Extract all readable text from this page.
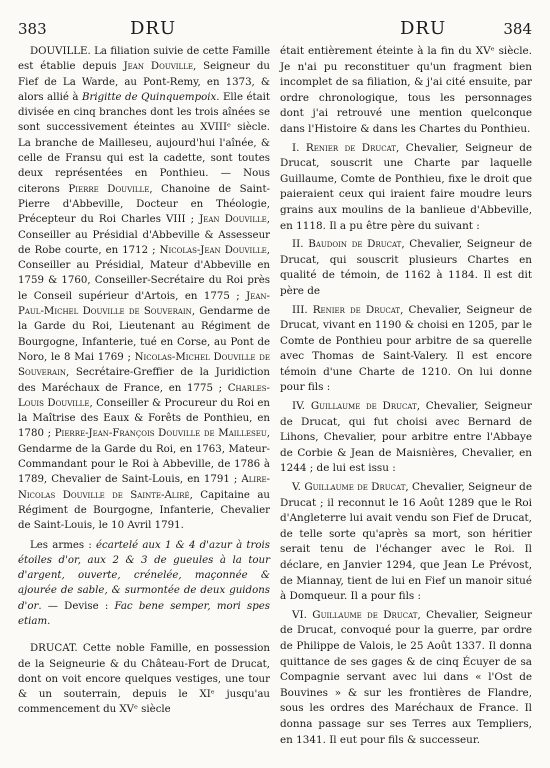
383	DRU	DRU	384

DOUVILLE. La filiation suivie de cette Famille est établie depuis Jean Douville, Seigneur du Fief de La Warde, au Pont-Remy, en 1373, & alors allié à Brigitte de Quinquempoix. Elle était divisée en cinq branches dont les trois aînées se sont successivement éteintes au XVIIIᵉ siècle. La branche de Mailleseu, aujourd'hui l'aînée, & celle de Fransu qui est la cadette, sont toutes deux représentées en Ponthieu. — Nous citerons Pierre Douville, Chanoine de Saint-Pierre d'Abbeville, Docteur en Théologie, Précepteur du Roi Charles VIII ; Jean Douville, Conseiller au Présidial d'Abbeville & Assesseur de Robe courte, en 1712 ; Nicolas-Jean Douville, Conseiller au Présidial, Mateur d'Abbeville en 1759 & 1760, Conseiller-Secrétaire du Roi près le Conseil supérieur d'Artois, en 1775 ; Jean-Paul-Michel Douville de Souverain, Gendarme de la Garde du Roi, Lieutenant au Régiment de Bourgogne, Infanterie, tué en Corse, au Pont de Noro, le 8 Mai 1769 ; Nicolas-Michel Douville de Souverain, Secrétaire-Greffier de la Juridiction des Maréchaux de France, en 1775 ; Charles-Louis Douville, Conseiller & Procureur du Roi en la Maîtrise des Eaux & Forêts de Ponthieu, en 1780 ; Pierre-Jean-François Douville de Mailleseu, Gendarme de la Garde du Roi, en 1763, Mateur-Commandant pour le Roi à Abbeville, de 1786 à 1789, Chevalier de Saint-Louis, en 1791 ; Alire-Nicolas Douville de Sainte-Aliré, Capitaine au Régiment de Bourgogne, Infanterie, Chevalier de Saint-Louis, le 10 Avril 1791.

Les armes : écartelé aux 1 & 4 d'azur à trois étoiles d'or, aux 2 & 3 de gueules à la tour d'argent, ouverte, crénelée, maçonnée & ajourée de sable, & surmontée de deux guidons d'or. — Devise : Fac bene semper, mori spes etiam.

DRUCAT. Cette noble Famille, en possession de la Seigneurie & du Château-Fort de Drucat, dont on voit encore quelques vestiges, une tour & un souterrain, depuis le XIᵉ jusqu'au commencement du XVᵉ siècle

était entièrement éteinte à la fin du XVᵉ siècle. Je n'ai pu reconstituer qu'un fragment bien incomplet de sa filiation, & j'ai cité ensuite, par ordre chronologique, tous les personnages dont j'ai retrouvé une mention quelconque dans l'Histoire & dans les Chartes du Ponthieu.

I. Renier de Drucat, Chevalier, Seigneur de Drucat, souscrit une Charte par laquelle Guillaume, Comte de Ponthieu, fixe le droit que paieraient ceux qui iraient faire moudre leurs grains aux moulins de la banlieue d'Abbeville, en 1118. Il a pu être père du suivant :

II. Baudoin de Drucat, Chevalier, Seigneur de Drucat, qui souscrit plusieurs Chartes en qualité de témoin, de 1162 à 1184. Il est dit père de

III. Renier de Drucat, Chevalier, Seigneur de Drucat, vivant en 1190 & choisi en 1205, par le Comte de Ponthieu pour arbitre de sa querelle avec Thomas de Saint-Valery. Il est encore témoin d'une Charte de 1210. On lui donne pour fils :

IV. Guillaume de Drucat, Chevalier, Seigneur de Drucat, qui fut choisi avec Bernard de Lihons, Chevalier, pour arbitre entre l'Abbaye de Corbie & Jean de Maisnières, Chevalier, en 1244 ; de lui est issu :

V. Guillaume de Drucat, Chevalier, Seigneur de Drucat ; il reconnut le 16 Août 1289 que le Roi d'Angleterre lui avait vendu son Fief de Drucat, de telle sorte qu'après sa mort, son héritier serait tenu de l'échanger avec le Roi. Il déclare, en Janvier 1294, que Jean Le Prévost, de Miannay, tient de lui en Fief un manoir situé à Domqueur. Il a pour fils :

VI. Guillaume de Drucat, Chevalier, Seigneur de Drucat, convoqué pour la guerre, par ordre de Philippe de Valois, le 25 Août 1337. Il donna quittance de ses gages & de cinq Écuyer de sa Compagnie servant avec lui dans « l'Ost de Bouvines » & sur les frontières de Flandre, sous les ordres des Maréchaux de France. Il donna passage sur ses Terres aux Templiers, en 1341. Il eut pour fils & successeur.
